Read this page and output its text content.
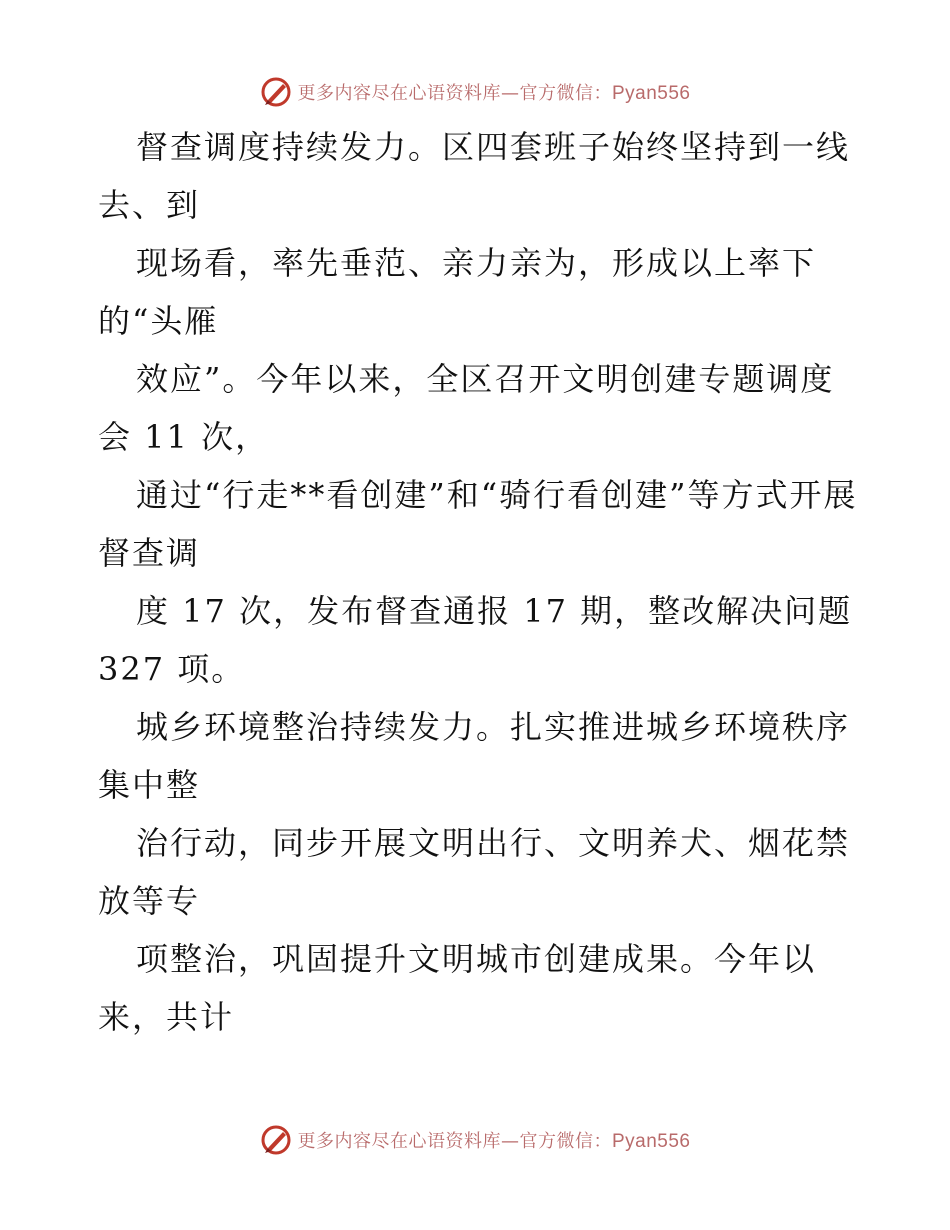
更多内容尽在心语资料库—官方微信：Pyan556

督查调度持续发力。区四套班子始终坚持到一线去、到

现场看，率先垂范、亲力亲为，形成以上率下的“头雁

效应”。今年以来，全区召开文明创建专题调度会 11 次，

通过“行走**看创建”和“骑行看创建”等方式开展督查调

度 17 次，发布督查通报 17 期，整改解决问题 327 项。

城乡环境整治持续发力。扎实推进城乡环境秩序集中整

治行动，同步开展文明出行、文明养犬、烟花禁放等专

项整治，巩固提升文明城市创建成果。今年以来，共计

更多内容尽在心语资料库—官方微信：Pyan556
